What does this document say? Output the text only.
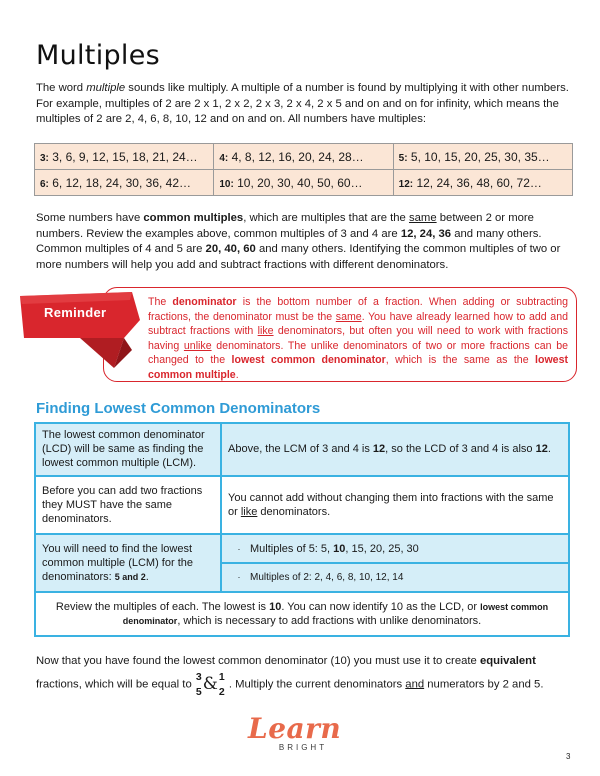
Multiples

The word multiple sounds like multiply. A multiple of a number is found by multiplying it with other numbers. For example, multiples of 2 are 2 x 1, 2 x 2, 2 x 3, 2 x 4, 2 x 5 and on and on for infinity, which means the multiples of 2 are 2, 4, 6, 8, 10, 12 and on and on. All numbers have multiples:

3: 3, 6, 9, 12, 15, 18, 21, 24…	4: 4, 8, 12, 16, 20, 24, 28…	5: 5, 10, 15, 20, 25, 30, 35…
6: 6, 12, 18, 24, 30, 36, 42…	10: 10, 20, 30, 40, 50, 60…	12: 12, 24, 36, 48, 60, 72…

Some numbers have common multiples, which are multiples that are the same between 2 or more numbers. Review the examples above, common multiples of 3 and 4 are 12, 24, 36 and many others. Common multiples of 4 and 5 are 20, 40, 60 and many others. Identifying the common multiples of two or more numbers will help you add and subtract fractions with different denominators.

Reminder

The denominator is the bottom number of a fraction. When adding or subtracting fractions, the denominator must be the same. You have already learned how to add and subtract fractions with like denominators, but often you will need to work with fractions having unlike denominators. The unlike denominators of two or more fractions can be changed to the lowest common denominator, which is the same as the lowest common multiple.

Finding Lowest Common Denominators
The lowest common denominator (LCD) will be same as finding the lowest common multiple (LCM).	Above, the LCM of 3 and 4 is 12, so the LCD of 3 and 4 is also 12.
Before you can add two fractions they MUST have the same denominators.	You cannot add without changing them into fractions with the same or like denominators.
You will need to find the lowest common multiple (LCM) for the denominators: 5 and 2.	· Multiples of 5: 5, 10, 15, 20, 25, 30
	· Multiples of 2: 2, 4, 6, 8, 10, 12, 14
Review the multiples of each. The lowest is 10. You can now identify 10 as the LCD, or lowest common denominator, which is necessary to add fractions with unlike denominators.	

Now that you have found the lowest common denominator (10) you must use it to create equivalent fractions, which will be equal to
3
5 & 1
2
. Multiply the current denominators and numerators by 2 and 5.

Learn
BRIGHT
3
